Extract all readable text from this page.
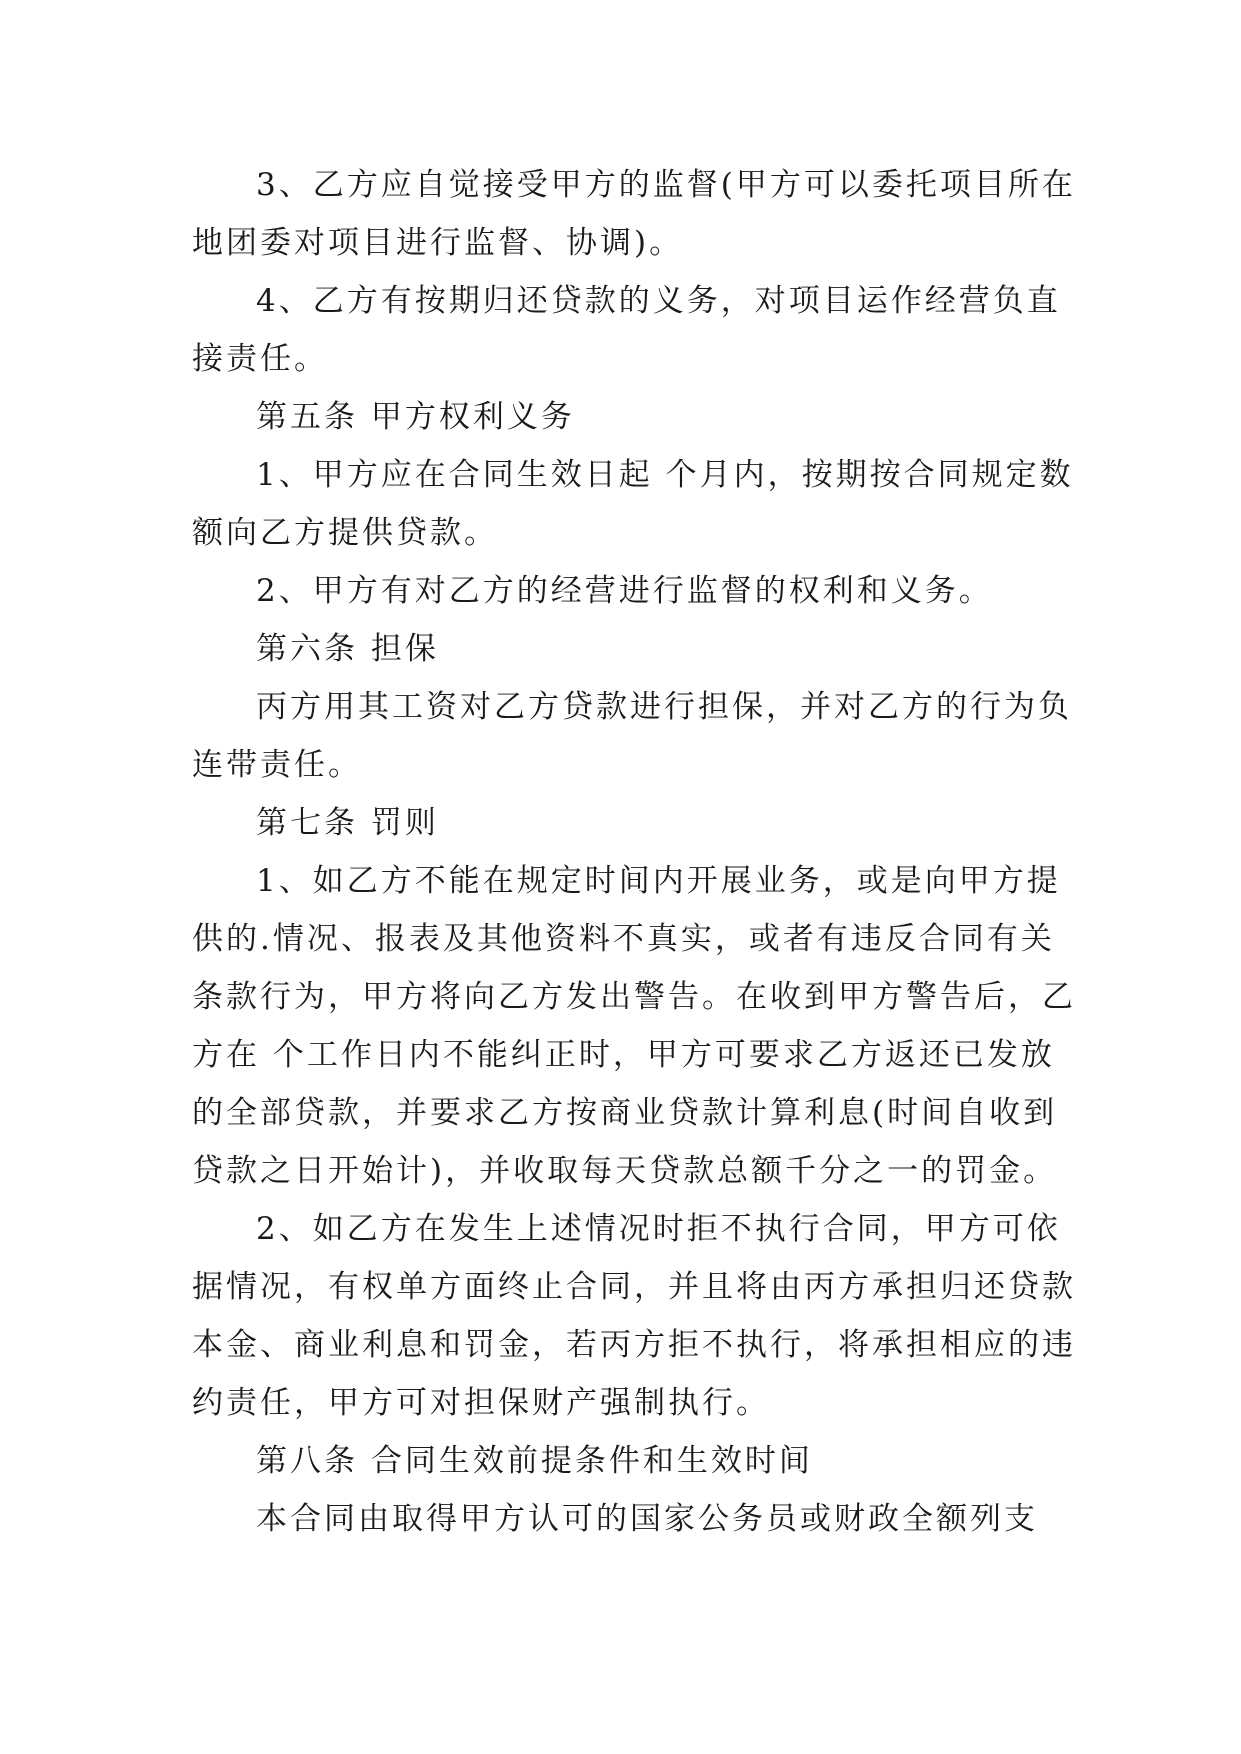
3、乙方应自觉接受甲方的监督(甲方可以委托项目所在
地团委对项目进行监督、协调)。
4、乙方有按期归还贷款的义务，对项目运作经营负直
接责任。
第五条 甲方权利义务
1、甲方应在合同生效日起 个月内，按期按合同规定数
额向乙方提供贷款。
2、甲方有对乙方的经营进行监督的权利和义务。
第六条 担保
丙方用其工资对乙方贷款进行担保，并对乙方的行为负
连带责任。
第七条 罚则
1、如乙方不能在规定时间内开展业务，或是向甲方提
供的.情况、报表及其他资料不真实，或者有违反合同有关
条款行为，甲方将向乙方发出警告。在收到甲方警告后，乙
方在 个工作日内不能纠正时，甲方可要求乙方返还已发放
的全部贷款，并要求乙方按商业贷款计算利息(时间自收到
贷款之日开始计)，并收取每天贷款总额千分之一的罚金。
2、如乙方在发生上述情况时拒不执行合同，甲方可依
据情况，有权单方面终止合同，并且将由丙方承担归还贷款
本金、商业利息和罚金，若丙方拒不执行，将承担相应的违
约责任，甲方可对担保财产强制执行。
第八条 合同生效前提条件和生效时间
本合同由取得甲方认可的国家公务员或财政全额列支
